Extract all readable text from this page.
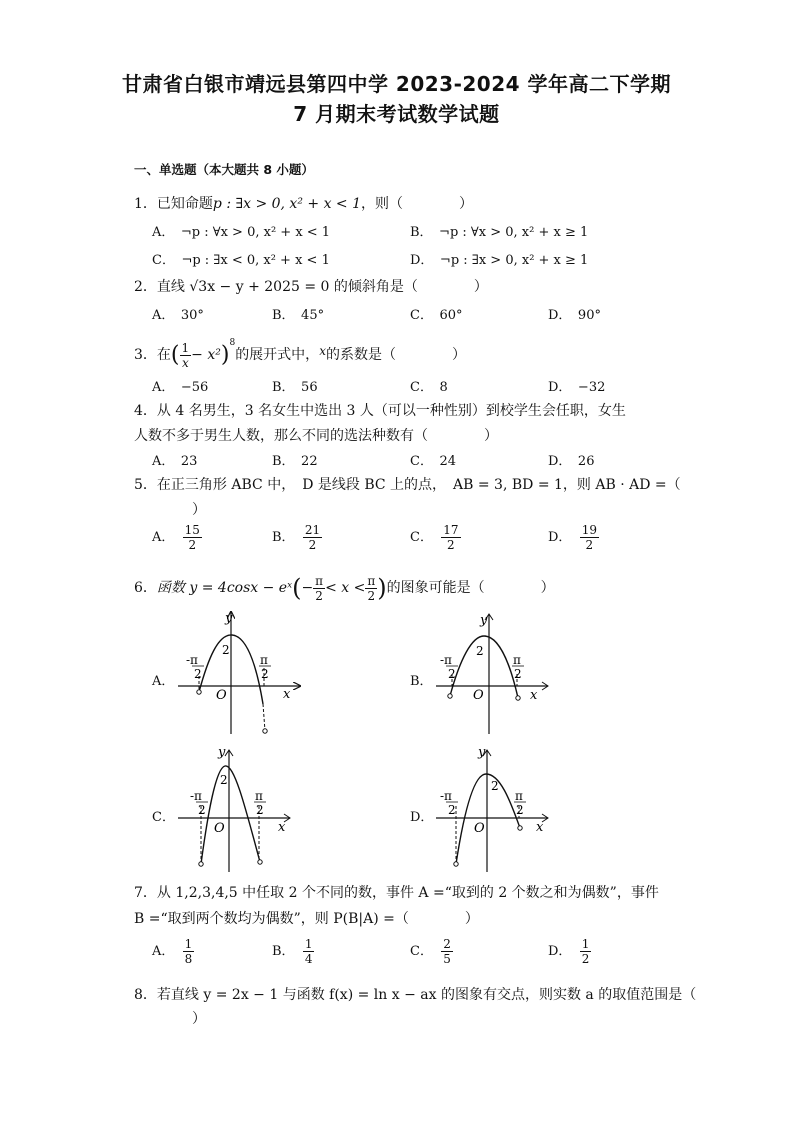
甘肃省白银市靖远县第四中学 2023-2024 学年高二下学期
7 月期末考试数学试题
一、单选题（本大题共 8 小题）
1．已知命题p : ∃x > 0, x² + x < 1，则（　　　　）
A．　¬p : ∀x > 0, x² + x < 1	B．　¬p : ∀x > 0, x² + x ≥ 1
C．　¬p : ∃x < 0, x² + x < 1	D．　¬p : ∃x > 0, x² + x ≥ 1
2．直线 √3x − y + 2025 = 0 的倾斜角是（　　　　）
A．　30°	B．　45°	C．　60°	D．　90°
3．在( $\frac{1}{x} - x^2)^8$的展开式中，x的系数是（　　　　）
A．　−56	B．　56	C．　8	D．　−32
4．从 4 名男生，3 名女生中选出 3 人（可以一种性别）到校学生会任职，女生
人数不多于男生人数，那么不同的选法种数有（　　　　）
A．　23	B．　22	C．　24	D．　26
5．在正三角形 ABC 中，　D 是线段 BC 上的点，　AB = 3, BD = 1，则 AB · AD =（
）
A． $\frac{15}{2}$	B． $\frac{21}{2}$	C． $\frac{17}{2}$	D． $\frac{19}{2}$
6．函数 y = 4cosx − eˣ(− $\frac{\pi}{2} < x < \frac{\pi}{2}$ )的图象可能是（　　　　）
A．	B．
C．	D．
y
x
O
2
-π
2
π
2
y
x
O
2
-π
2
π
2
y
x
O
2
-π
2
π
2
y
x
O
2
-π
2
π
2
7．从 1,2,3,4,5 中任取 2 个不同的数，事件 A =“取到的 2 个数之和为偶数”，事件
B =“取到两个数均为偶数”，则 P(B|A) =（　　　　）
A． $\frac{1}{8}$	B． $\frac{1}{4}$	C． $\frac{2}{5}$	D． $\frac{1}{2}$
8．若直线 y = 2x − 1 与函数 f(x) = ln x − ax 的图象有交点，则实数 a 的取值范围是（
）
